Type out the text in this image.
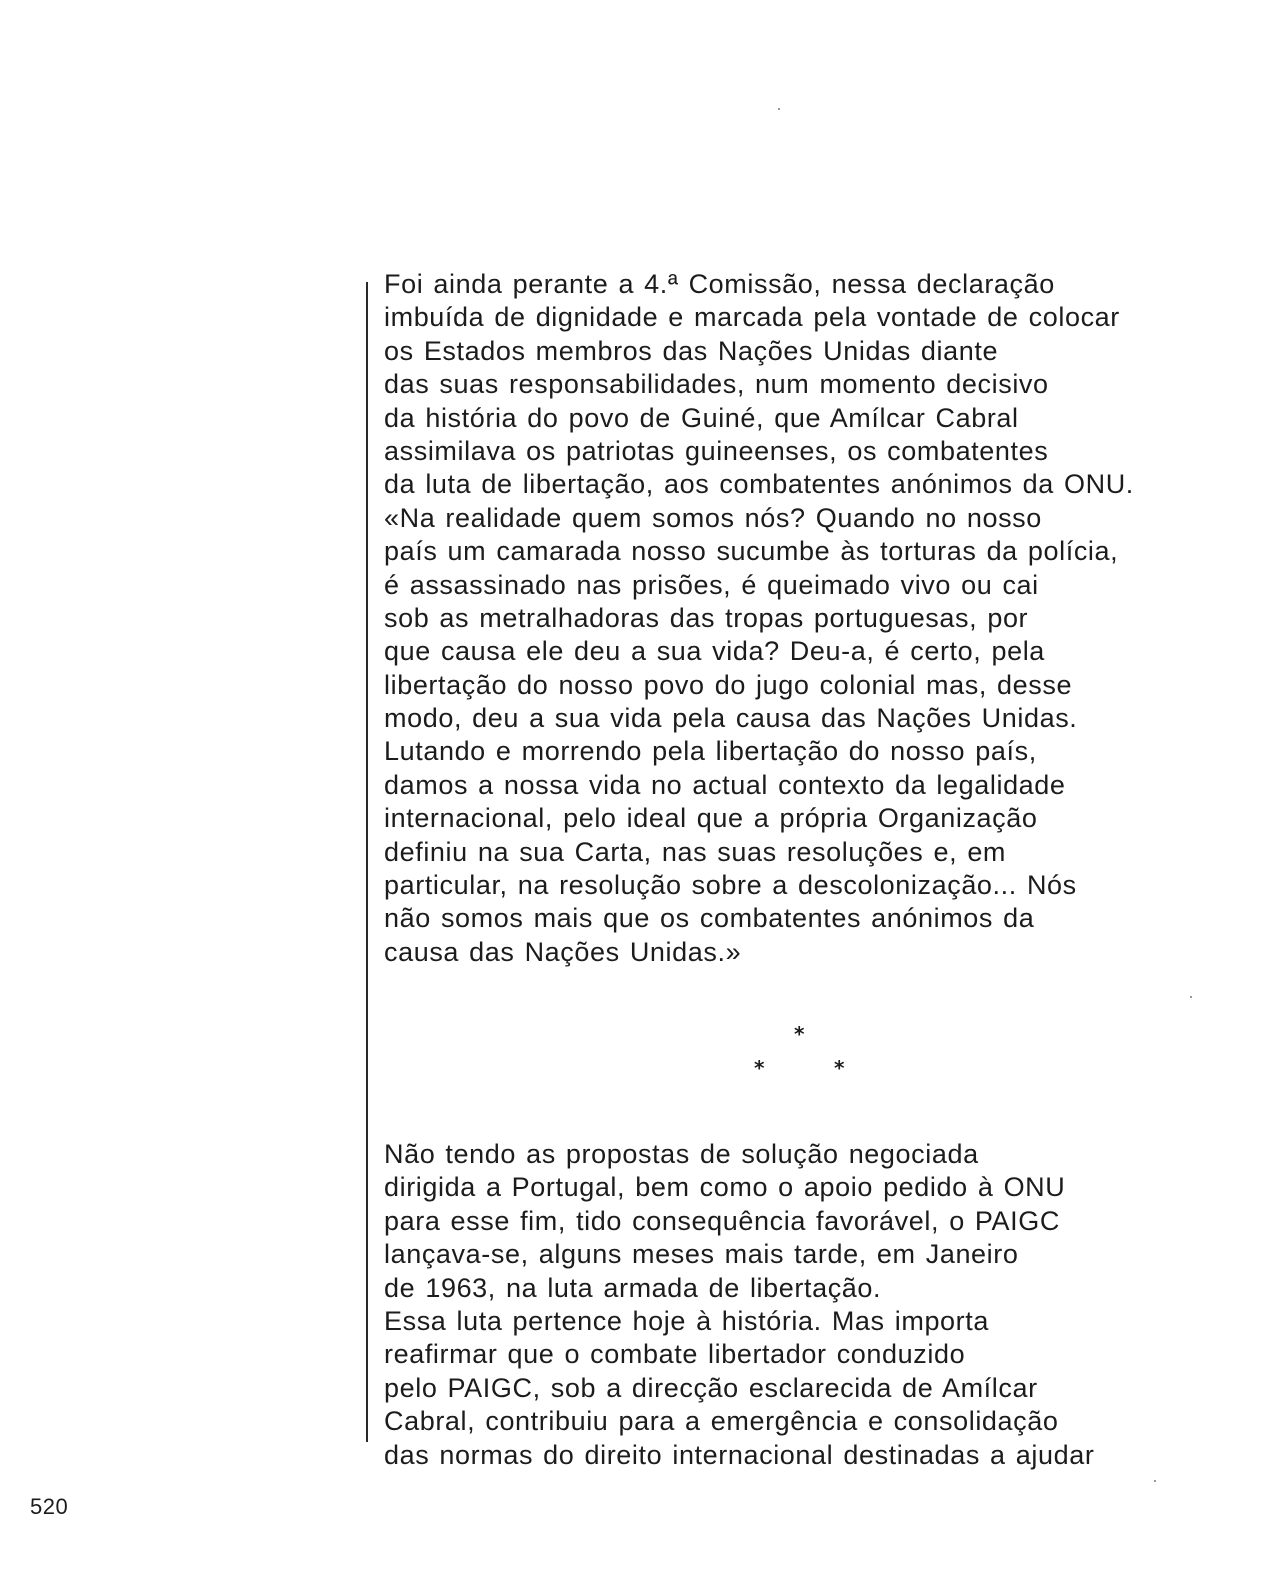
Foi ainda perante a 4.ª Comissão, nessa declaração
imbuída de dignidade e marcada pela vontade de colocar
os Estados membros das Nações Unidas diante
das suas responsabilidades, num momento decisivo
da história do povo de Guiné, que Amílcar Cabral
assimilava os patriotas guineenses, os combatentes
da luta de libertação, aos combatentes anónimos da ONU.
«Na realidade quem somos nós? Quando no nosso
país um camarada nosso sucumbe às torturas da polícia,
é assassinado nas prisões, é queimado vivo ou cai
sob as metralhadoras das tropas portuguesas, por
que causa ele deu a sua vida? Deu-a, é certo, pela
libertação do nosso povo do jugo colonial mas, desse
modo, deu a sua vida pela causa das Nações Unidas.
Lutando e morrendo pela libertação do nosso país,
damos a nossa vida no actual contexto da legalidade
internacional, pelo ideal que a própria Organização
definiu na sua Carta, nas suas resoluções e, em
particular, na resolução sobre a descolonização... Nós
não somos mais que os combatentes anónimos da
causa das Nações Unidas.»
*
*	*
Não tendo as propostas de solução negociada
dirigida a Portugal, bem como o apoio pedido à ONU
para esse fim, tido consequência favorável, o PAIGC
lançava-se, alguns meses mais tarde, em Janeiro
de 1963, na luta armada de libertação.
Essa luta pertence hoje à história. Mas importa
reafirmar que o combate libertador conduzido
pelo PAIGC, sob a direcção esclarecida de Amílcar
Cabral, contribuiu para a emergência e consolidação
das normas do direito internacional destinadas a ajudar
520
